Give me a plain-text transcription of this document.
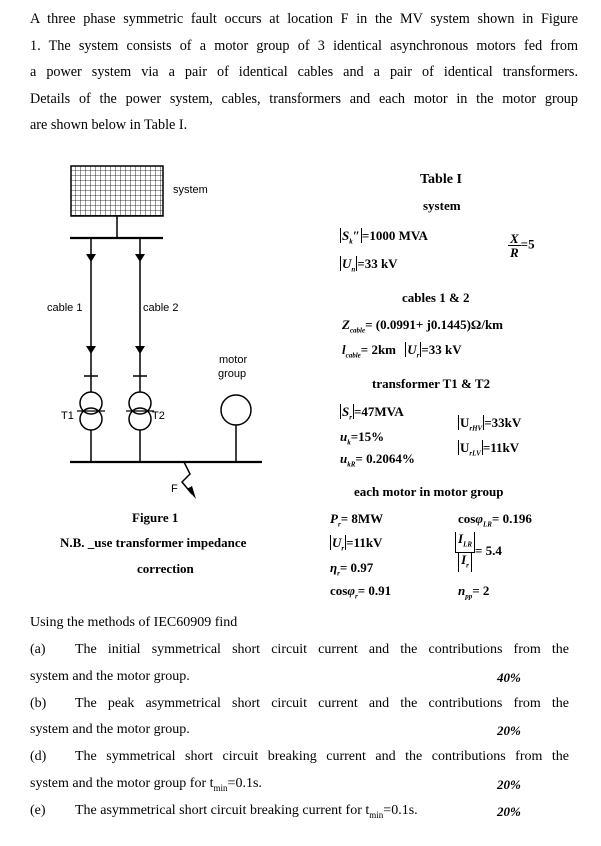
A three phase symmetric fault occurs at location F in the MV system shown in Figure
1. The system consists of a motor group of 3 identical asynchronous motors fed from
a power system via a pair of identical cables and a pair of identical transformers.
Details of the power system, cables, transformers and each motor in the motor group
are shown below in Table I.
system
cable 1	cable 2
motor
group
T1	T2
F
Figure 1
N.B. _use transformer impedance
correction
Table I
system
$S_k'' =1000$ MVA
$U_n =33$ kV
$\frac{X}{R} =5$
cables 1 & 2
$Z_{cable}= (0.0991+ j0.1445)\Omega/km$
$l_{cable}= 2km$ $U_r =33$ kV
transformer T1 & T2
$S_r =47MVA$
$u_k=15\%$
$u_{kR}= 0.2064\%$
$U_{rHV} =33kV$
$U_{rLV} =11kV$
each motor in motor group
$P_r= 8MW$
$U_r =11kV$
$\eta_r= 0.97$
cosφ$_r$= 0.91
cosφ$_{LR}$= 0.196
$\frac{I_{LR}}{I_r} = 5.4$
$n_{pp}= 2$
Using the methods of IEC60909 find
(a) The initial symmetrical short circuit current and the contributions from the
system and the motor group.	40%
(b) The peak asymmetrical short circuit current and the contributions from the
system and the motor group.	20%
(d) The symmetrical short circuit breaking current and the contributions from the
system and the motor group for $t_{min}=0.1s$.	20%
(e) The asymmetrical short circuit breaking current for $t_{min}=0.1s$.	20%
